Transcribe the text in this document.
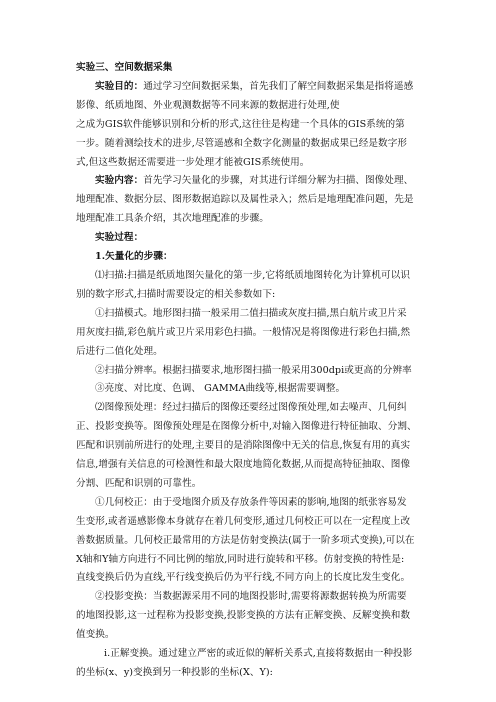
实验三、空间数据采集
实验目的：通过学习空间数据采集，首先我们了解空间数据采集是指将遥感
影像、纸质地图、外业观测数据等不同来源的数据进行处理,使
之成为GIS软件能够识别和分析的形式,这往往是构建一个具体的GIS系统的第
一步。随着测绘技术的进步,尽管遥感和全数字化测量的数据成果已经是数字形
式,但这些数据还需要进一步处理才能被GIS系统使用。
实验内容：首先学习矢量化的步骤，对其进行详细分解为扫描、图像处理、
地理配准、数据分层、图形数据追踪以及属性录入；然后是地理配准问题，先是
地理配准工具条介绍，其次地理配准的步骤。
实验过程：
1.矢量化的步骤：
⑴扫描:扫描是纸质地图矢量化的第一步,它将纸质地图转化为计算机可以识
别的数字形式,扫描时需要设定的相关参数如下:
①扫描模式。地形图扫描一般采用二值扫描或灰度扫描,黑白航片或卫片采
用灰度扫描,彩色航片或卫片采用彩色扫描。一般情况是将图像进行彩色扫描,然
后进行二值化处理。
②扫描分辨率。根据扫描要求,地形图扫描一般采用300dpi或更高的分辨率
③亮度、对比度、色调、 GAMMA曲线等,根据需要调整。
⑵图像预处理：经过扫描后的图像还要经过图像预处理,如去噪声、几何纠
正、投影变换等。图像预处理是在图像分析中,对输入图像进行特征抽取、分割、
匹配和识别前所进行的处理,主要目的是消除图像中无关的信息,恢复有用的真实
信息,增强有关信息的可检测性和最大限度地简化数据,从而提高特征抽取、图像
分割、匹配和识别的可靠性。
①几何校正：由于受地图介质及存放条件等因素的影响,地图的纸张容易发
生变形,或者遥感影像本身就存在着几何变形,通过几何校正可以在一定程度上改
善数据质量。几何校正最常用的方法是仿射变换法(属于一阶多项式变换),可以在
X轴和Y轴方向进行不同比例的缩放,同时进行旋转和平移。仿射变换的特性是:
直线变换后仍为直线,平行线变换后仍为平行线,不同方向上的长度比发生变化。
②投影变换：当数据源采用不同的地图投影时,需要将源数据转换为所需要
的地图投影,这一过程称为投影变换,投影变换的方法有正解变换、反解变换和数
值变换。
ⅰ.正解变换。通过建立严密的或近似的解析关系式,直接将数据由一种投影
的坐标(x、y)变换到另一种投影的坐标(X、Y):
